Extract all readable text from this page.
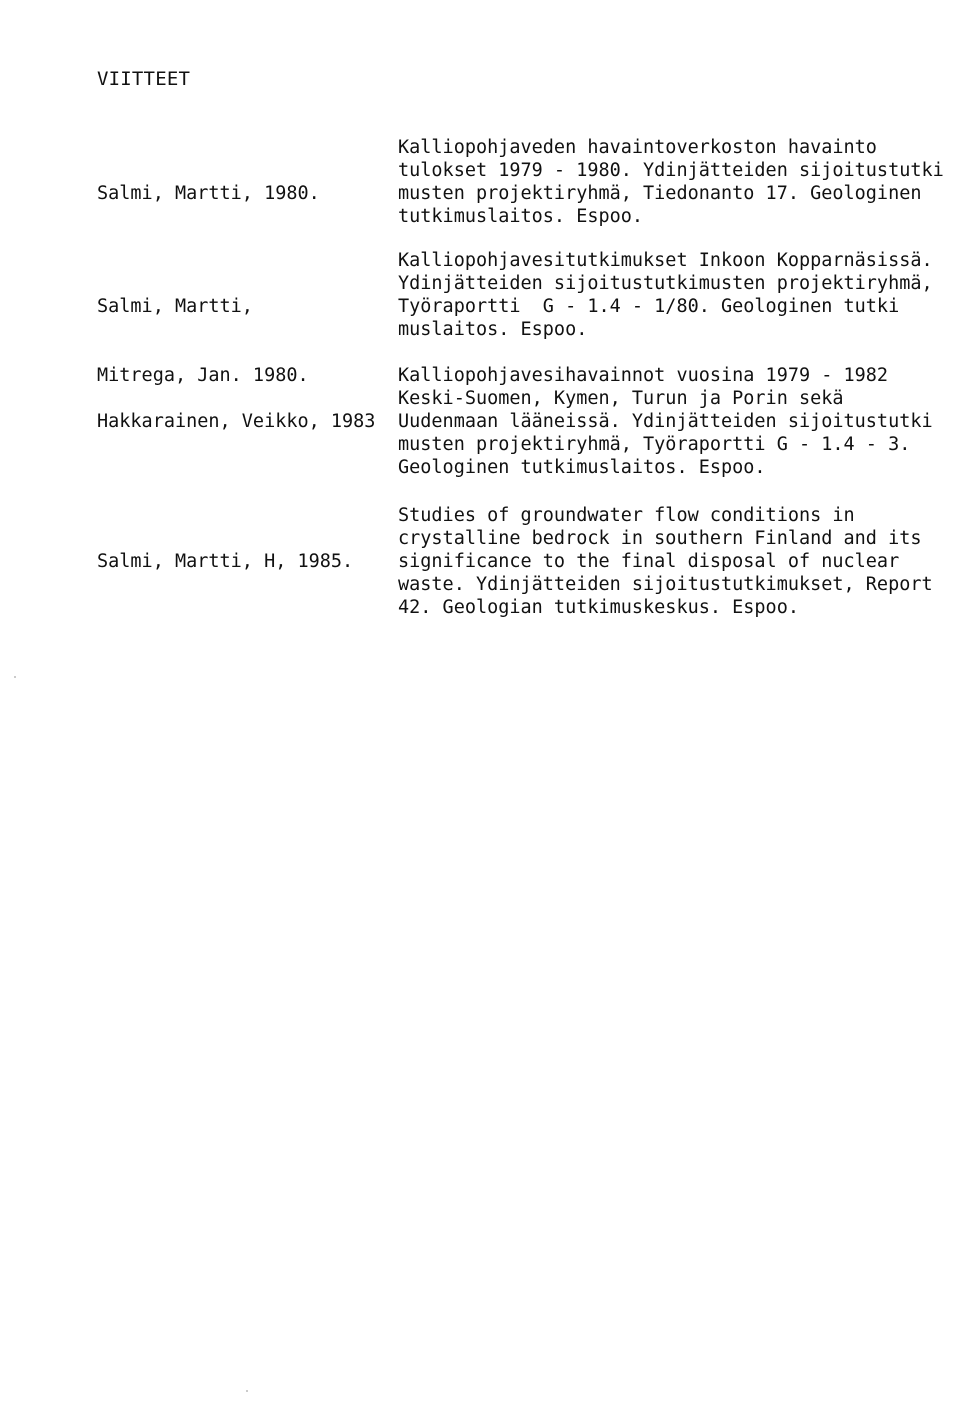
VIITTEET

Salmi, Martti, 1980.

Kalliopohjaveden havaintoverkoston havainto
tulokset 1979 - 1980. Ydinjätteiden sijoitustutki
musten projektiryhmä, Tiedonanto 17. Geologinen
tutkimuslaitos. Espoo.

Salmi, Martti,

Mitrega, Jan. 1980.

Kalliopohjavesitutkimukset Inkoon Kopparnäsissä.
Ydinjätteiden sijoitustutkimusten projektiryhmä,
Työraportti  G - 1.4 - 1/80. Geologinen tutki
muslaitos. Espoo.

Hakkarainen, Veikko, 1983

Kalliopohjavesihavainnot vuosina 1979 - 1982
Keski-Suomen, Kymen, Turun ja Porin sekä
Uudenmaan lääneissä. Ydinjätteiden sijoitustutki
musten projektiryhmä, Työraportti G - 1.4 - 3.
Geologinen tutkimuslaitos. Espoo.

Salmi, Martti, H, 1985.

Studies of groundwater flow conditions in
crystalline bedrock in southern Finland and its
significance to the final disposal of nuclear
waste. Ydinjätteiden sijoitustutkimukset, Report
42. Geologian tutkimuskeskus. Espoo.
